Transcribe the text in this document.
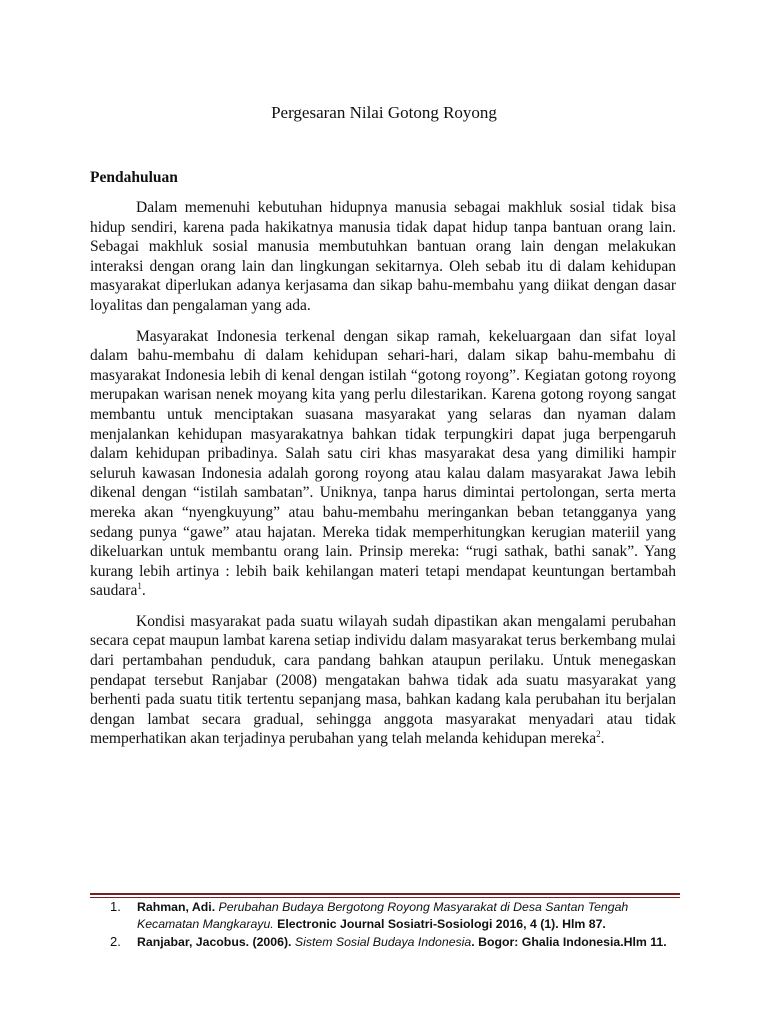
Pergesaran Nilai Gotong Royong
Pendahuluan

Dalam memenuhi kebutuhan hidupnya manusia sebagai makhluk sosial tidak bisa hidup sendiri, karena pada hakikatnya manusia tidak dapat hidup tanpa bantuan orang lain. Sebagai makhluk sosial manusia membutuhkan bantuan orang lain dengan melakukan interaksi dengan orang lain dan lingkungan sekitarnya. Oleh sebab itu di dalam kehidupan masyarakat diperlukan adanya kerjasama dan sikap bahu-membahu yang diikat dengan dasar loyalitas dan pengalaman yang ada.

Masyarakat Indonesia terkenal dengan sikap ramah, kekeluargaan dan sifat loyal dalam bahu-membahu di dalam kehidupan sehari-hari, dalam sikap bahu-membahu di masyarakat Indonesia lebih di kenal dengan istilah “gotong royong”. Kegiatan gotong royong merupakan warisan nenek moyang kita yang perlu dilestarikan. Karena gotong royong sangat membantu untuk menciptakan suasana masyarakat yang selaras dan nyaman dalam menjalankan kehidupan masyarakatnya bahkan tidak terpungkiri dapat juga berpengaruh dalam kehidupan pribadinya. Salah satu ciri khas masyarakat desa yang dimiliki hampir seluruh kawasan Indonesia adalah gorong royong atau kalau dalam masyarakat Jawa lebih dikenal dengan “istilah sambatan”. Uniknya, tanpa harus dimintai pertolongan, serta merta mereka akan “nyengkuyung” atau bahu-membahu meringankan beban tetangganya yang sedang punya “gawe” atau hajatan. Mereka tidak memperhitungkan kerugian materiil yang dikeluarkan untuk membantu orang lain. Prinsip mereka: “rugi sathak, bathi sanak”. Yang kurang lebih artinya : lebih baik kehilangan materi tetapi mendapat keuntungan bertambah saudara$^1$.

Kondisi masyarakat pada suatu wilayah sudah dipastikan akan mengalami perubahan secara cepat maupun lambat karena setiap individu dalam masyarakat terus berkembang mulai dari pertambahan penduduk, cara pandang bahkan ataupun perilaku. Untuk menegaskan pendapat tersebut Ranjabar (2008) mengatakan bahwa tidak ada suatu masyarakat yang berhenti pada suatu titik tertentu sepanjang masa, bahkan kadang kala perubahan itu berjalan dengan lambat secara gradual, sehingga anggota masyarakat menyadari atau tidak memperhatikan akan terjadinya perubahan yang telah melanda kehidupan mereka$^2$.

1. Rahman, Adi. Perubahan Budaya Bergotong Royong Masyarakat di Desa Santan Tengah Kecamatan Mangkarayu. Electronic Journal Sosiatri-Sosiologi 2016, 4 (1). Hlm 87.
2. Ranjabar, Jacobus. (2006). Sistem Sosial Budaya Indonesia. Bogor: Ghalia Indonesia.Hlm 11.
